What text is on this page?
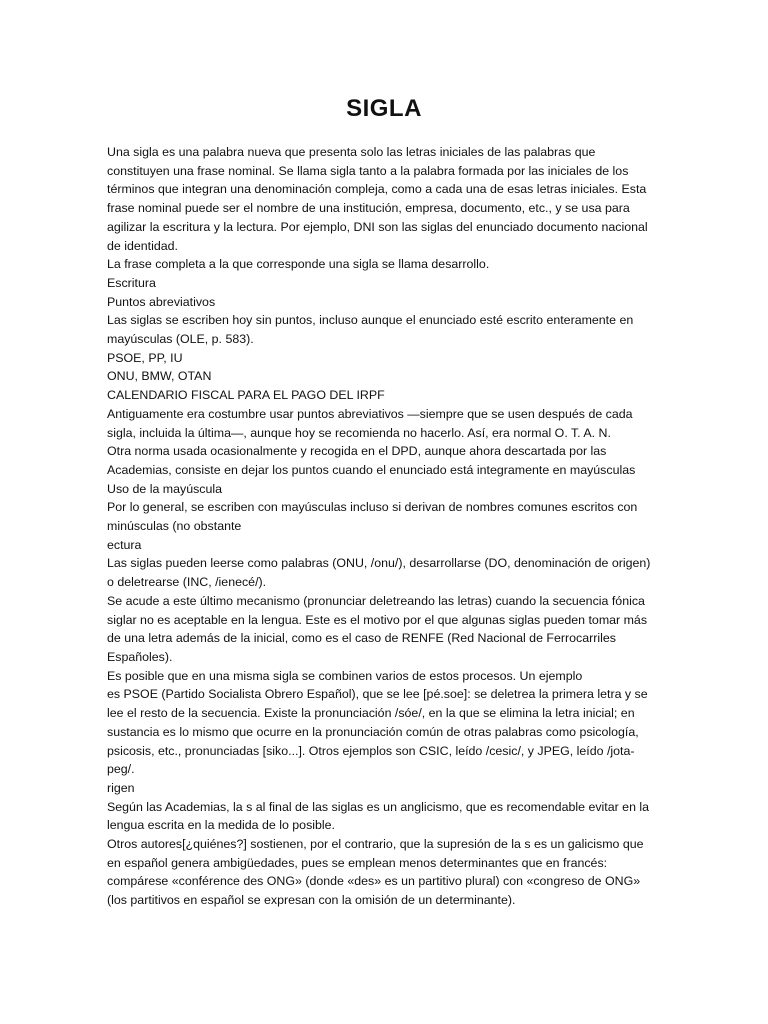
SIGLA
Una sigla es una palabra nueva que presenta solo las letras iniciales de las palabras que
constituyen una frase nominal. Se llama sigla tanto a la palabra formada por las iniciales de los
términos que integran una denominación compleja, como a cada una de esas letras iniciales. Esta
frase nominal puede ser el nombre de una institución, empresa, documento, etc., y se usa para
agilizar la escritura y la lectura. Por ejemplo, DNI son las siglas del enunciado documento nacional
de identidad.
La frase completa a la que corresponde una sigla se llama desarrollo.
Escritura
Puntos abreviativos
Las siglas se escriben hoy sin puntos, incluso aunque el enunciado esté escrito enteramente en
mayúsculas (OLE, p. 583).
PSOE, PP, IU
ONU, BMW, OTAN
CALENDARIO FISCAL PARA EL PAGO DEL IRPF
Antiguamente era costumbre usar puntos abreviativos —siempre que se usen después de cada
sigla, incluida la última—, aunque hoy se recomienda no hacerlo. Así, era normal O. T. A. N.
Otra norma usada ocasionalmente y recogida en el DPD, aunque ahora descartada por las
Academias, consiste en dejar los puntos cuando el enunciado está integramente en mayúsculas
Uso de la mayúscula
Por lo general, se escriben con mayúsculas incluso si derivan de nombres comunes escritos con
minúsculas (no obstante
ectura
Las siglas pueden leerse como palabras (ONU, /onu/), desarrollarse (DO, denominación de origen)
o deletrearse (INC, /ienecé/).
Se acude a este último mecanismo (pronunciar deletreando las letras) cuando la secuencia fónica
siglar no es aceptable en la lengua. Este es el motivo por el que algunas siglas pueden tomar más
de una letra además de la inicial, como es el caso de RENFE (Red Nacional de Ferrocarriles
Españoles).
Es posible que en una misma sigla se combinen varios de estos procesos. Un ejemplo
es PSOE (Partido Socialista Obrero Español), que se lee [pé.soe]: se deletrea la primera letra y se
lee el resto de la secuencia. Existe la pronunciación /sóe/, en la que se elimina la letra inicial; en
sustancia es lo mismo que ocurre en la pronunciación común de otras palabras como psicología,
psicosis, etc., pronunciadas [siko...]. Otros ejemplos son CSIC, leído /cesic/, y JPEG, leído /jota-
peg/.
rigen
Según las Academias, la s al final de las siglas es un anglicismo, que es recomendable evitar en la
lengua escrita en la medida de lo posible.
Otros autores[¿quiénes?] sostienen, por el contrario, que la supresión de la s es un galicismo que
en español genera ambigüedades, pues se emplean menos determinantes que en francés:
compárese «conférence des ONG» (donde «des» es un partitivo plural) con «congreso de ONG»
(los partitivos en español se expresan con la omisión de un determinante).
